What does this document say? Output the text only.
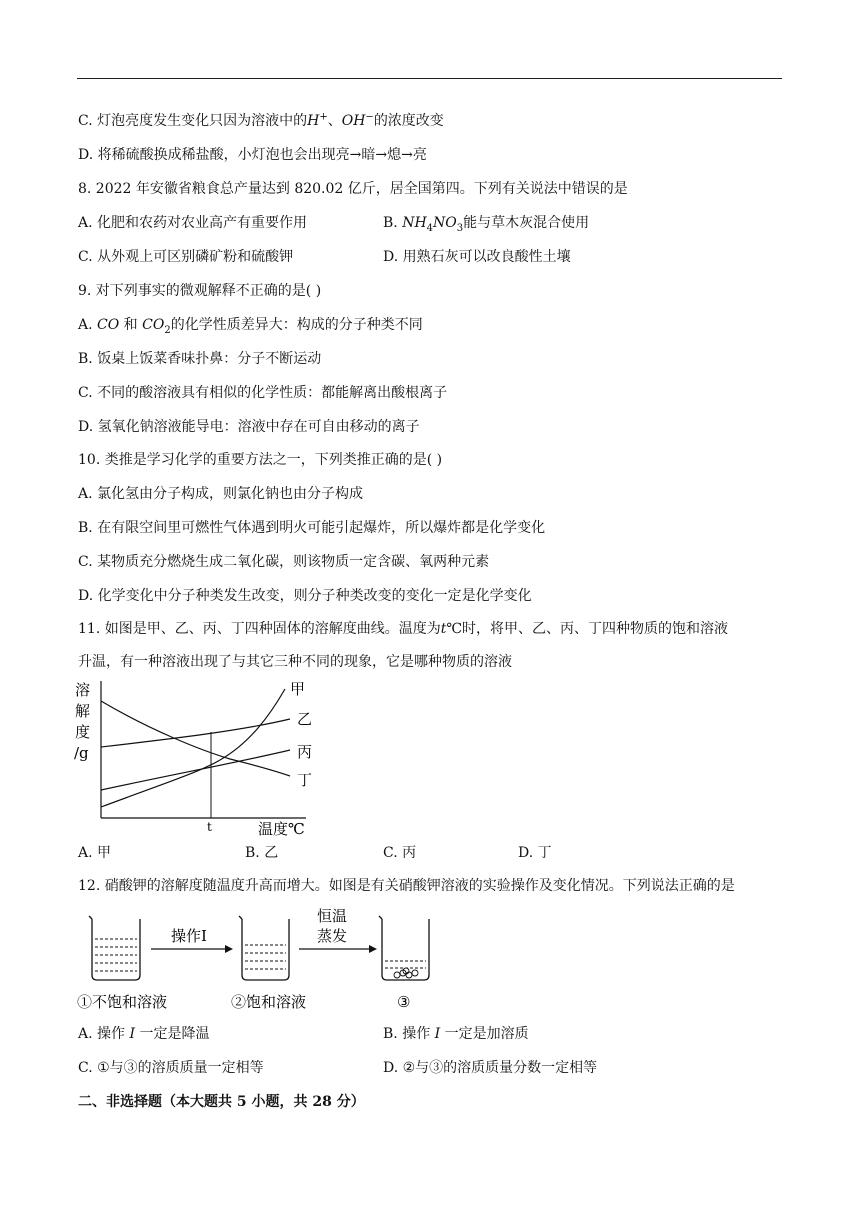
C. 灯泡亮度发生变化只因为溶液中的H+、OH−的浓度改变
D. 将稀硫酸换成稀盐酸，小灯泡也会出现亮→暗→熄→亮
8. 2022 年安徽省粮食总产量达到 820.02 亿斤，居全国第四。下列有关说法中错误的是
A. 化肥和农药对农业高产有重要作用	B. $NH_4NO_3$能与草木灰混合使用
C. 从外观上可区别磷矿粉和硫酸钾	D. 用熟石灰可以改良酸性土壤
9. 对下列事实的微观解释不正确的是( )
A. CO 和 $CO_2$的化学性质差异大：构成的分子种类不同
B. 饭桌上饭菜香味扑鼻：分子不断运动
C. 不同的酸溶液具有相似的化学性质：都能解离出酸根离子
D. 氢氧化钠溶液能导电：溶液中存在可自由移动的离子
10. 类推是学习化学的重要方法之一，下列类推正确的是( )
A. 氯化氢由分子构成，则氯化钠也由分子构成
B. 在有限空间里可燃性气体遇到明火可能引起爆炸，所以爆炸都是化学变化
C. 某物质充分燃烧生成二氧化碳，则该物质一定含碳、氧两种元素
D. 化学变化中分子种类发生改变，则分子种类改变的变化一定是化学变化
11. 如图是甲、乙、丙、丁四种固体的溶解度曲线。温度为t℃时，将甲、乙、丙、丁四种物质的饱和溶液
升温，有一种溶液出现了与其它三种不同的现象，它是哪种物质的溶液
溶
解
度
/g
甲
乙
丙
丁
t	温度℃
A. 甲	B. 乙	C. 丙	D. 丁
12. 硝酸钾的溶解度随温度升高而增大。如图是有关硝酸钾溶液的实验操作及变化情况。下列说法正确的是
操作I
恒温
蒸发
①不饱和溶液	②饱和溶液	③
A. 操作 I 一定是降温	B. 操作 I 一定是加溶质
C. ①与③的溶质质量一定相等	D. ②与③的溶质质量分数一定相等
二、非选择题（本大题共 5 小题，共 28 分）
